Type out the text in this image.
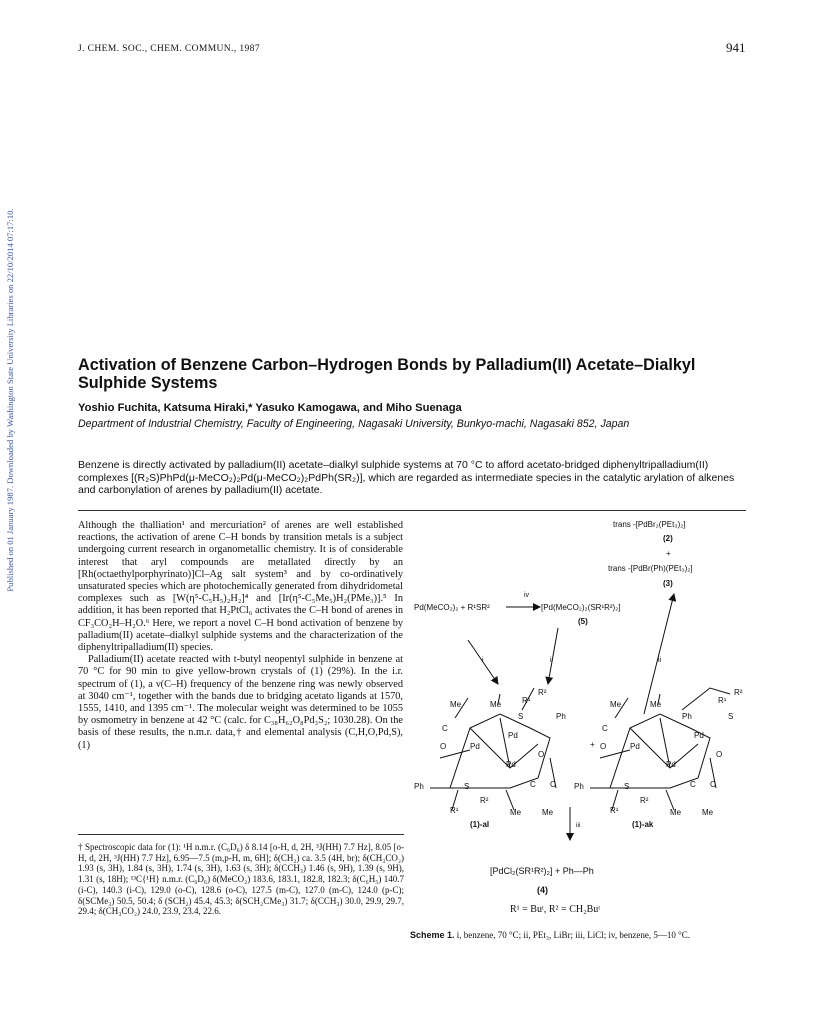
J. CHEM. SOC., CHEM. COMMUN., 1987	941
Published on 01 January 1987. Downloaded by Washington State University Libraries on 22/10/2014 07:17:10.	Activation of Benzene Carbon–Hydrogen Bonds by Palladium(II) Acetate–Dialkyl Sulphide Systems
Yoshio Fuchita, Katsuma Hiraki,* Yasuko Kamogawa, and Miho Suenaga
Department of Industrial Chemistry, Faculty of Engineering, Nagasaki University, Bunkyo-machi, Nagasaki 852, Japan
Benzene is directly activated by palladium(II) acetate–dialkyl sulphide systems at 70 °C to afford acetato-bridged diphenyltripalladium(II) complexes [(R₂S)PhPd(μ-MeCO₂)₂Pd(μ-MeCO₂)₂PdPh(SR₂)], which are regarded as intermediate species in the catalytic arylation of alkenes and carbonylation of arenes by palladium(II) acetate.

Although the thalliation¹ and mercuriation² of arenes are well established reactions, the activation of arene C–H bonds by transition metals is a subject undergoing current research in organometallic chemistry. It is of considerable interest that aryl compounds are metallated directly by an [Rh(octaethylporphyrinato)]Cl–Ag salt system³ and by co-ordinatively unsaturated species which are photochemically generated from dihydridometal complexes such as [W(η⁵-C₅H₅)₂H₂]⁴ and [Ir(η⁵-C₅Me₅)H₂(PMe₃)].⁵ In addition, it has been reported that H₂PtCl₆ activates the C–H bond of arenes in CF₃CO₂H–H₂O.⁶ Here, we report a novel C–H bond activation of benzene by palladium(II) acetate–dialkyl sulphide systems and the characterization of the diphenyltripalladium(II) species.

Palladium(II) acetate reacted with t-butyl neopentyl sulphide in benzene at 70 °C for 90 min to give yellow-brown crystals of (1) (29%). In the i.r. spectrum of (1), a ν(C–H) frequency of the benzene ring was newly observed at 3040 cm⁻¹, together with the bands due to bridging acetato ligands at 1570, 1555, 1410, and 1395 cm⁻¹. The molecular weight was determined to be 1055 by osmometry in benzene at 42 °C (calc. for C₃₈H₆₂O₈Pd₃S₂; 1030.28). On the basis of these results, the n.m.r. data,† and elemental analysis (C,H,O,Pd,S), (1)

† Spectroscopic data for (1): ¹H n.m.r. (C₆D₆) δ 8.14 [o-H, d, 2H, ³J(HH) 7.7 Hz], 8.05 [o-H, d, 2H, ³J(HH) 7.7 Hz], 6.95—7.5 (m,p-H, m, 6H]; δ(CH₂) ca. 3.5 (4H, br); δ(CH₃CO₂) 1.93 (s, 3H), 1.84 (s, 3H), 1.74 (s, 3H), 1.63 (s, 3H); δ(CCH₃) 1.46 (s, 9H), 1.39 (s, 9H), 1.31 (s, 18H); ¹³C{¹H} n.m.r. (C₆D₆) δ(MeCO₂) 183.6, 183.1, 182.8, 182.3; δ(C₆H₅) 140.7 (i-C), 140.3 (i-C), 129.0 (o-C), 128.6 (o-C), 127.5 (m-C), 127.0 (m-C), 124.0 (p-C); δ(SCMe₃) 50.5, 50.4; δ (SCH₂) 45.4, 45.3; δ(SCH₂CMe₃) 31.7; δ(CCH₃) 30.0, 29.9, 29.7, 29.4; δ(CH₃CO₂) 24.0, 23.9, 23.4, 22.6.
trans -[PdBr₂(PEt₃)₂]
(2)
+
trans -[PdBr(Ph)(PEt₃)₂]
(3)
Pd(MeCO₂)₂ + R¹SR²
iv
[Pd(MeCO₂)₂(SR¹R²)₂]
(5)
i	i	ii
Me	Me	R¹
R²
S	Ph
C
O	Pd
Pd
Pd
O
Ph	S	C C
R¹
R²
Me	Me
+
Me	Me	R¹
R²
Ph	S
C
O	Pd
Pd
Pd
O
Ph	S	C C
R¹
R²
Me	Me
(1)-al	(1)-ak
iii
[PdCl₂(SR¹R²)₂] + Ph—Ph
(4)
R¹ = Buᵗ, R² = CH₂Buᵗ
Scheme 1. i, benzene, 70 °C; ii, PEt₃, LiBr; iii, LiCl; iv, benzene, 5—10 °C.
